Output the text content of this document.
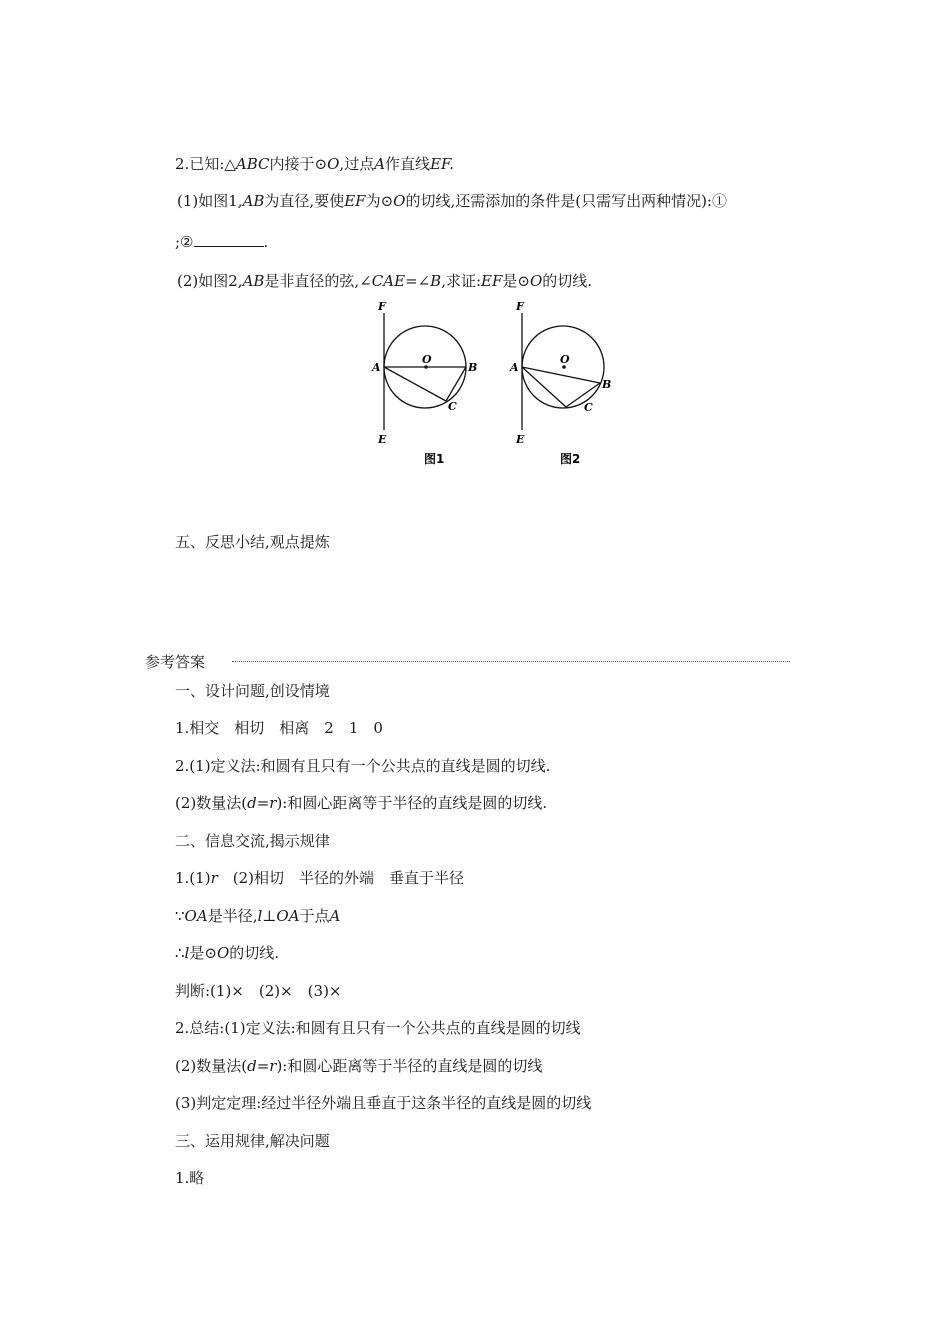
2.已知:△ABC内接于⊙O,过点A作直线EF.
(1)如图1,AB为直径,要使EF为⊙O的切线,还需添加的条件是(只需写出两种情况):①
;②	.
(2)如图2,AB是非直径的弦,∠CAE=∠B,求证:EF是⊙O的切线.
F
A
O
B
C
E
图1
F
A
O
B
C
E
图2
五、反思小结,观点提炼
参考答案
一、设计问题,创设情境
1.相交　相切　相离　2　1　0
2.(1)定义法:和圆有且只有一个公共点的直线是圆的切线.
(2)数量法(d=r):和圆心距离等于半径的直线是圆的切线.
二、信息交流,揭示规律
1.(1)r　(2)相切　半径的外端　垂直于半径
∵OA是半径,l⊥OA于点A
∴l是⊙O的切线.
判断:(1)×　(2)×　(3)×
2.总结:(1)定义法:和圆有且只有一个公共点的直线是圆的切线
(2)数量法(d=r):和圆心距离等于半径的直线是圆的切线
(3)判定定理:经过半径外端且垂直于这条半径的直线是圆的切线
三、运用规律,解决问题
1.略
